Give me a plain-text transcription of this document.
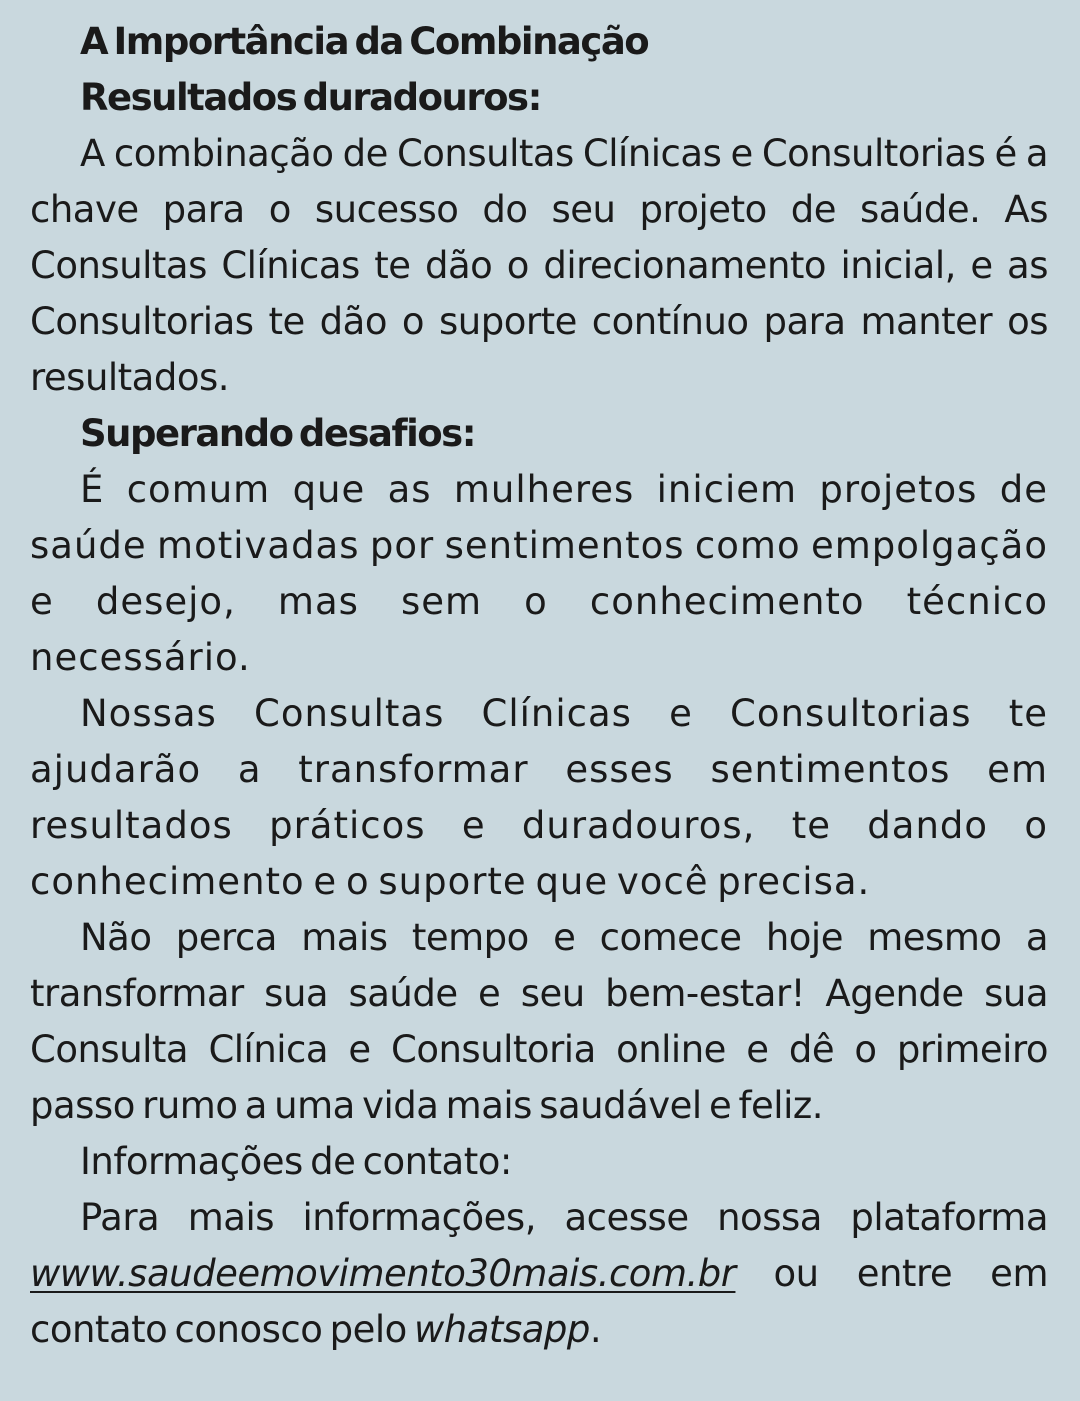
A Importância da Combinação

Resultados duradouros:

A combinação de Consultas Clínicas e Consultorias é a chave para o sucesso do seu projeto de saúde. As Consultas Clínicas te dão o direcionamento inicial, e as Consultorias te dão o suporte contínuo para manter os resultados.

Superando desafios:

É comum que as mulheres iniciem projetos de saúde motivadas por sentimentos como empolgação e desejo, mas sem o conhecimento técnico necessário.

Nossas Consultas Clínicas e Consultorias te ajudarão a transformar esses sentimentos em resultados práticos e duradouros, te dando o conhecimento e o suporte que você precisa.

Não perca mais tempo e comece hoje mesmo a transformar sua saúde e seu bem-estar! Agende sua Consulta Clínica e Consultoria online e dê o primeiro passo rumo a uma vida mais saudável e feliz.

Informações de contato:

Para mais informações, acesse nossa plataforma www.saudeemovimento30mais.com.br ou entre em contato conosco pelo whatsapp.
